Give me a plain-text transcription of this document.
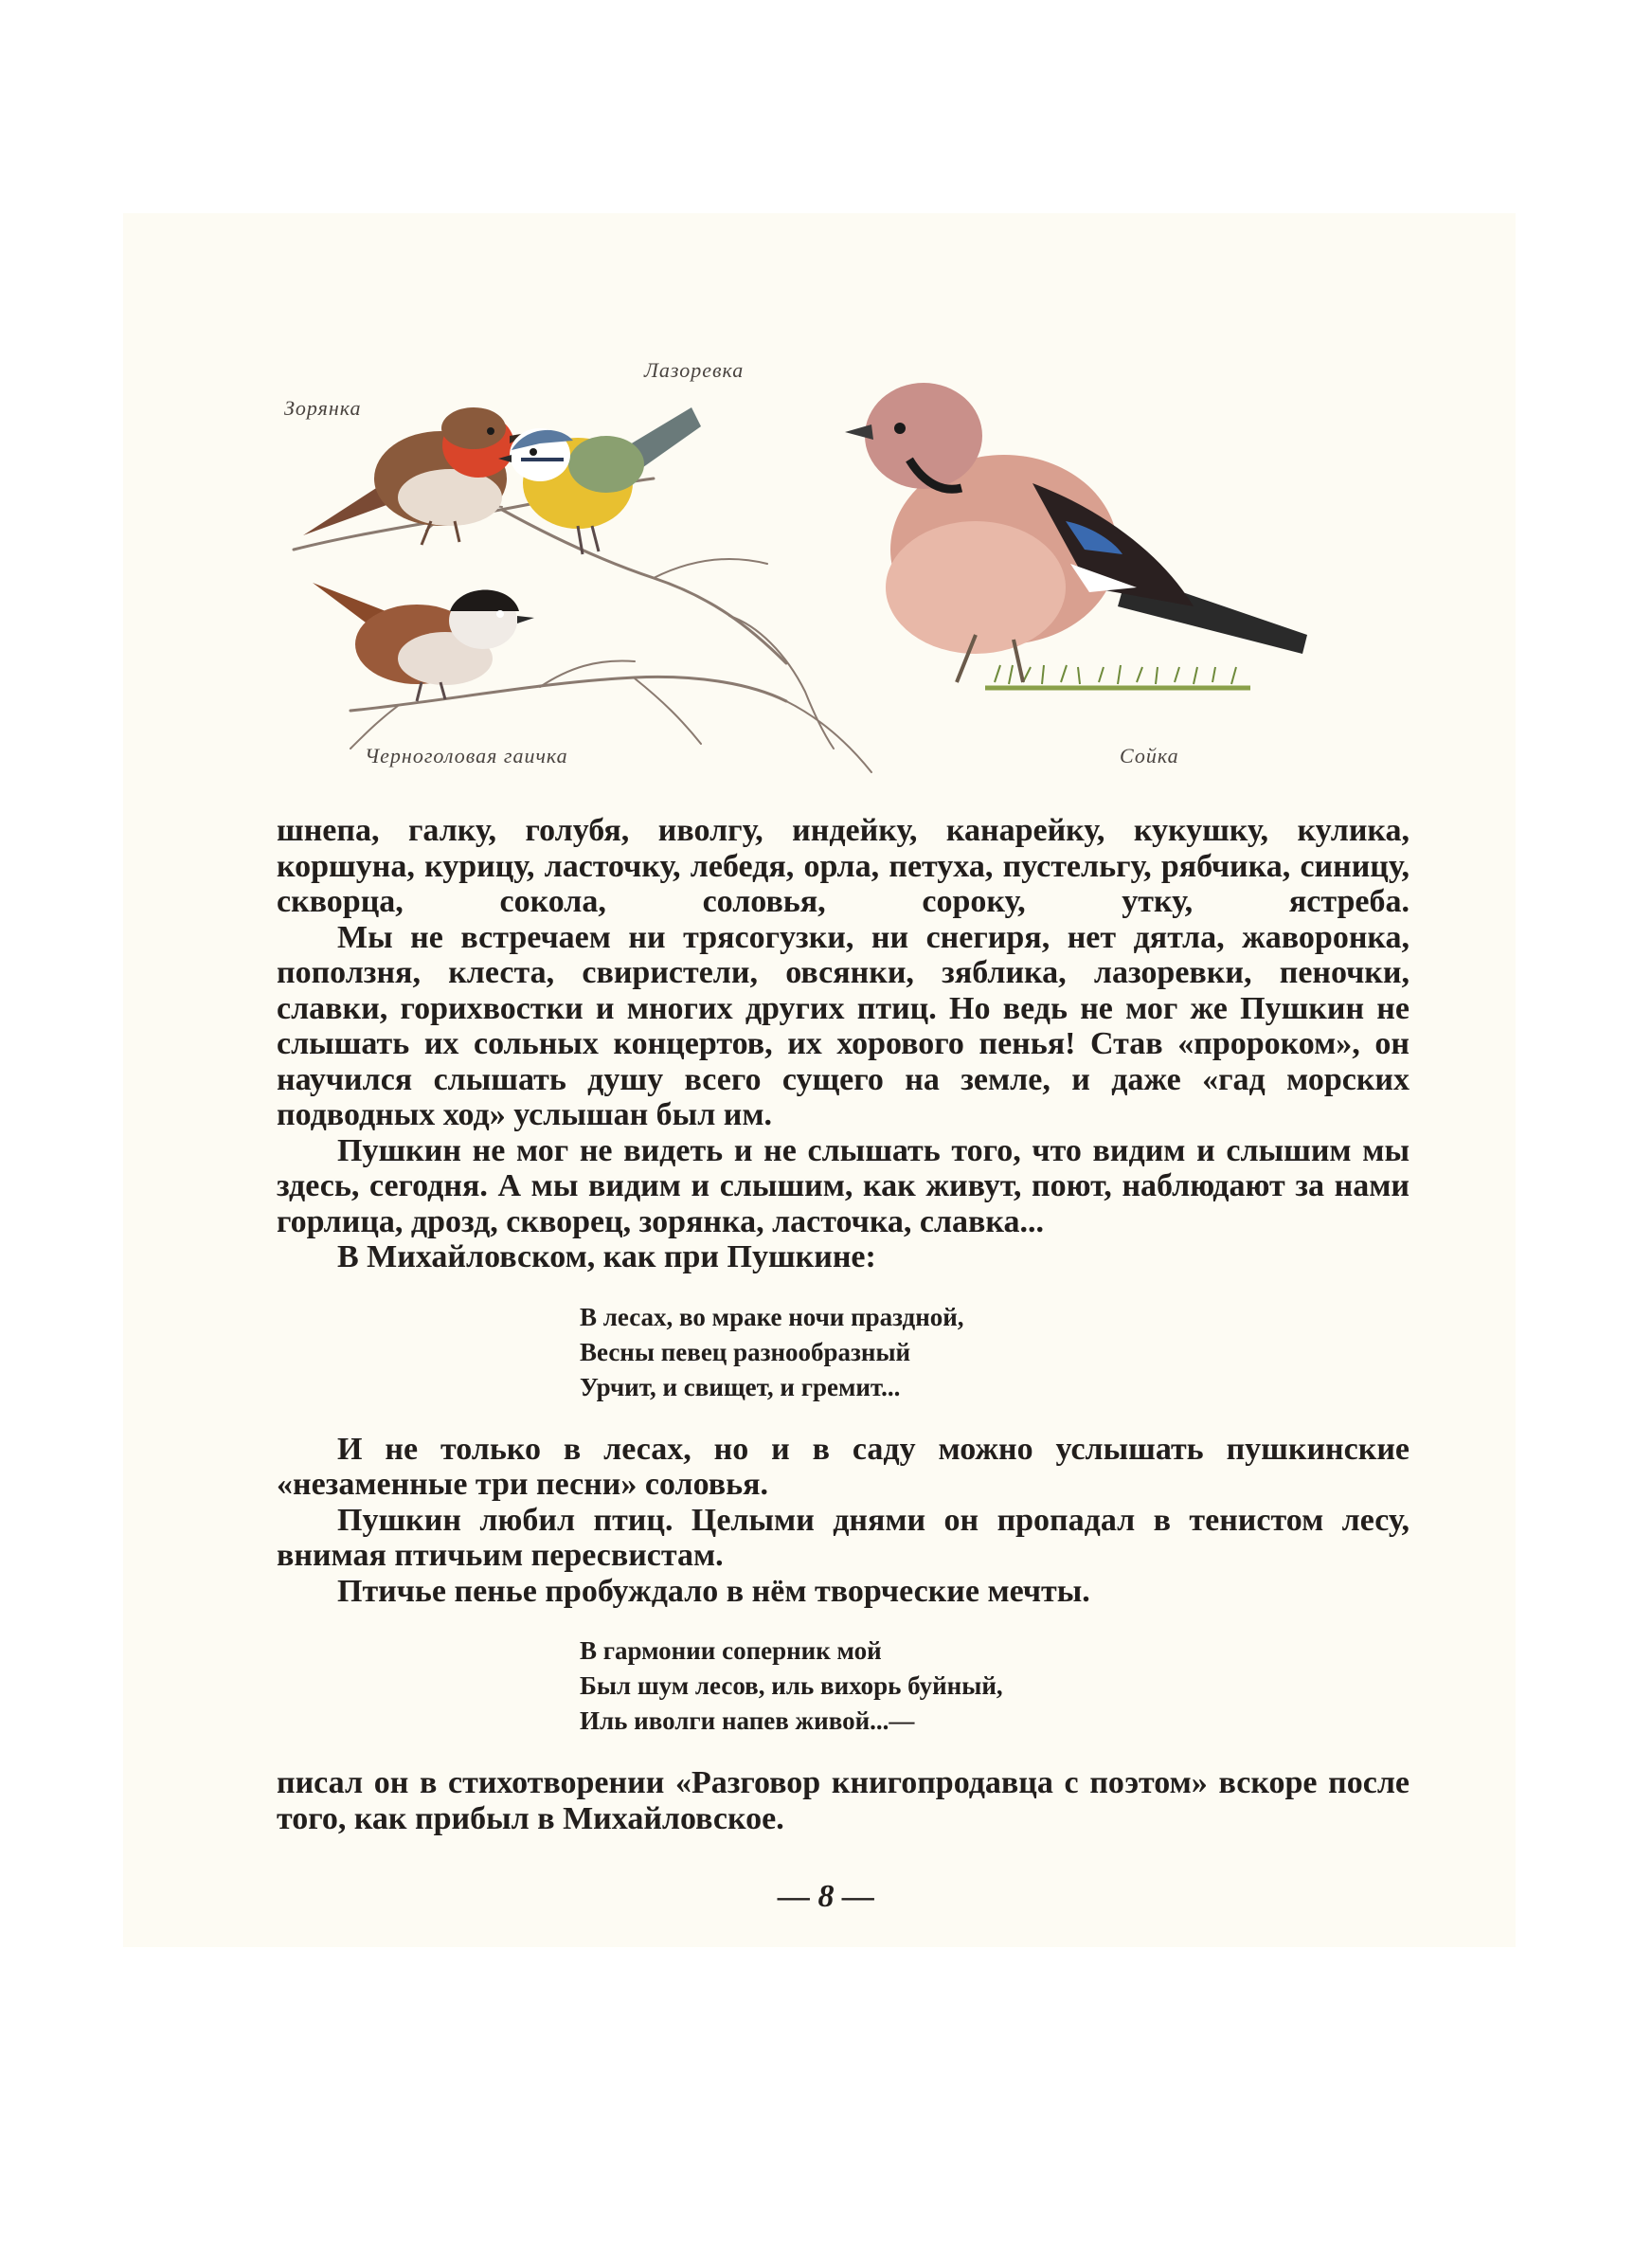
Зорянка
Лазоревка
Черноголовая гаичка	Сойка

шнепа, галку, голубя, иволгу, индейку, канарейку, кукушку, кулика, коршуна, курицу, ласточку, лебедя, орла, петуха, пустельгу, рябчика, синицу, скворца, сокола, соловья, сороку, утку, ястреба.

Мы не встречаем ни трясогузки, ни снегиря, нет дятла, жаворонка, поползня, клеста, свиристели, овсянки, зяблика, лазоревки, пеночки, славки, горихвостки и многих других птиц. Но ведь не мог же Пушкин не слышать их сольных концертов, их хорового пенья! Став «пророком», он научился слышать душу всего сущего на земле, и даже «гад морских подводных ход» услышан был им.

Пушкин не мог не видеть и не слышать того, что видим и слышим мы здесь, сегодня. А мы видим и слышим, как живут, поют, наблюдают за нами горлица, дрозд, скворец, зорянка, ласточка, славка...

В Михайловском, как при Пушкине:

В лесах, во мраке ночи праздной,
Весны певец разнообразный
Урчит, и свищет, и гремит...

И не только в лесах, но и в саду можно услышать пушкинские «незаменные три песни» соловья.

Пушкин любил птиц. Целыми днями он пропадал в тенистом лесу, внимая птичьим пересвистам.

Птичье пенье пробуждало в нём творческие мечты.

В гармонии соперник мой
Был шум лесов, иль вихорь буйный,
Иль иволги напев живой...—

писал он в стихотворении «Разговор книгопродавца с поэтом» вскоре после того, как прибыл в Михайловское.

— 8 —
